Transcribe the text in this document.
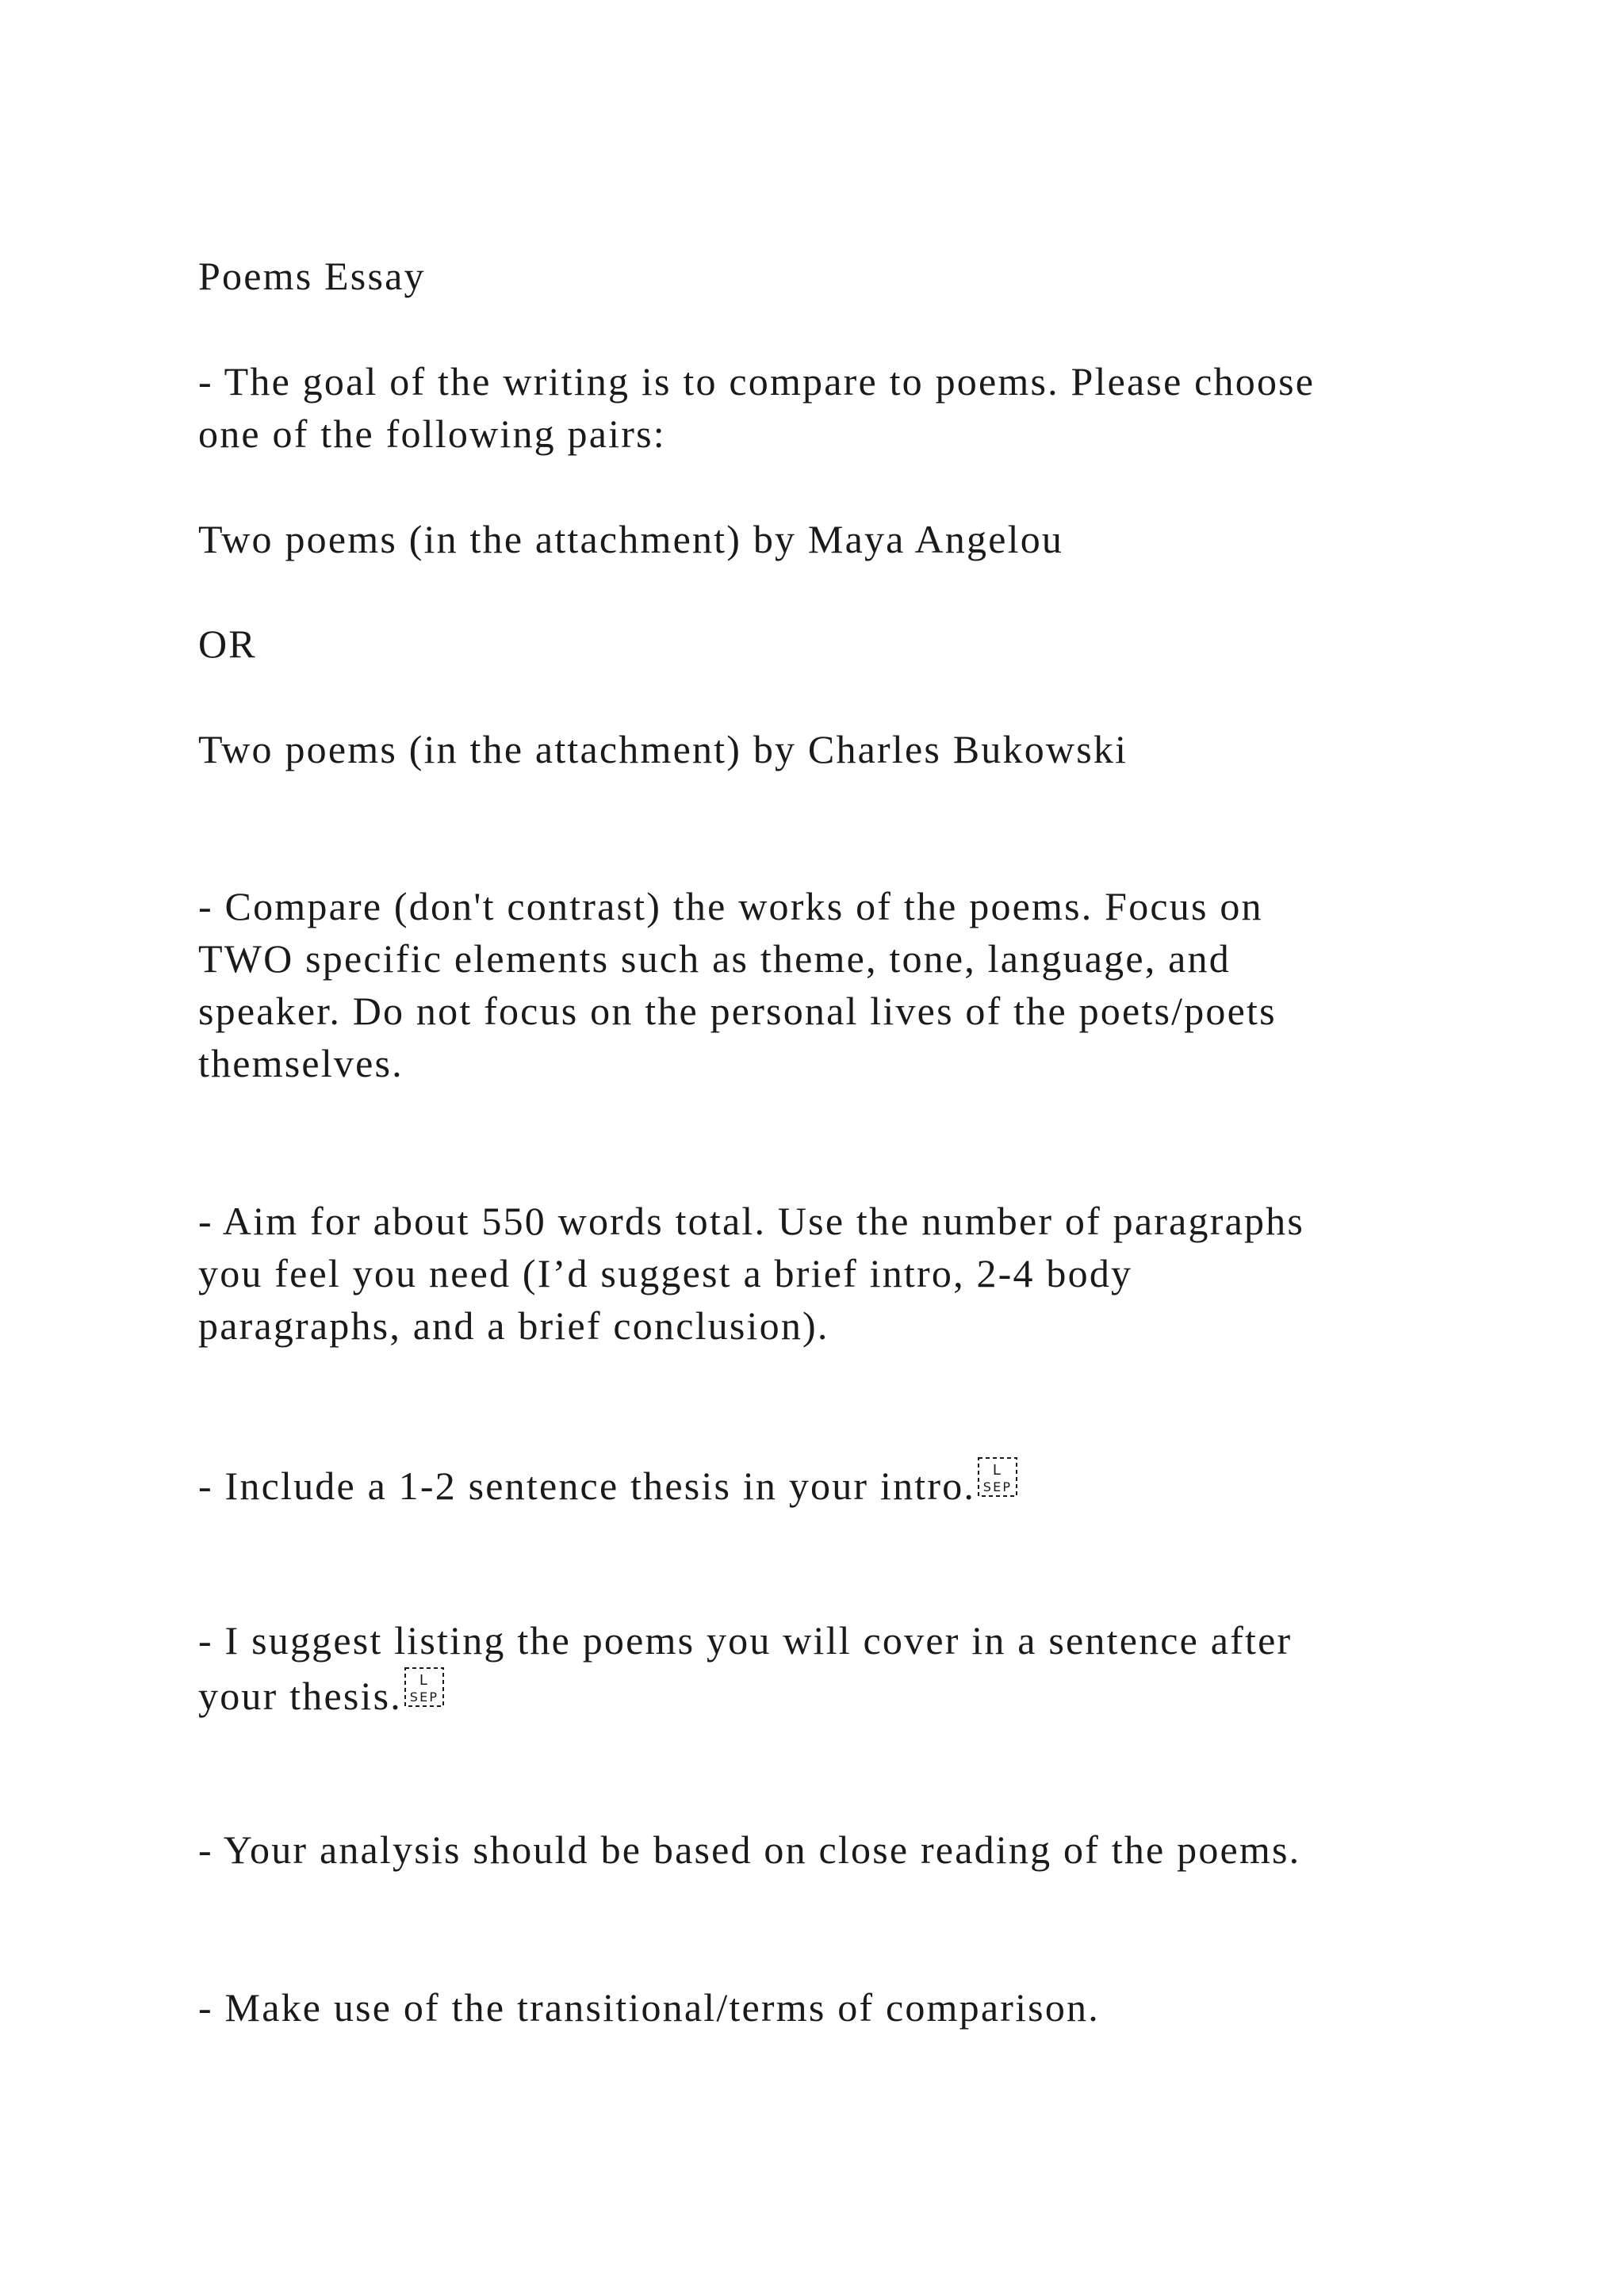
Poems Essay

- The goal of the writing is to compare to poems. Please choose

one of the following pairs:

Two poems (in the attachment) by Maya Angelou

OR

Two poems (in the attachment) by Charles Bukowski

- Compare (don't contrast) the works of the poems. Focus on

TWO specific elements such as theme, tone, language, and

speaker. Do not focus on the personal lives of the poets/poets

themselves.

- Aim for about 550 words total. Use the number of paragraphs

you feel you need (I’d suggest a brief intro, 2-4 body

paragraphs, and a brief conclusion).

- Include a 1-2 sentence thesis in your intro. L
SEP

- I suggest listing the poems you will cover in a sentence after

your thesis. L
SEP

- Your analysis should be based on close reading of the poems.

- Make use of the transitional/terms of comparison.
